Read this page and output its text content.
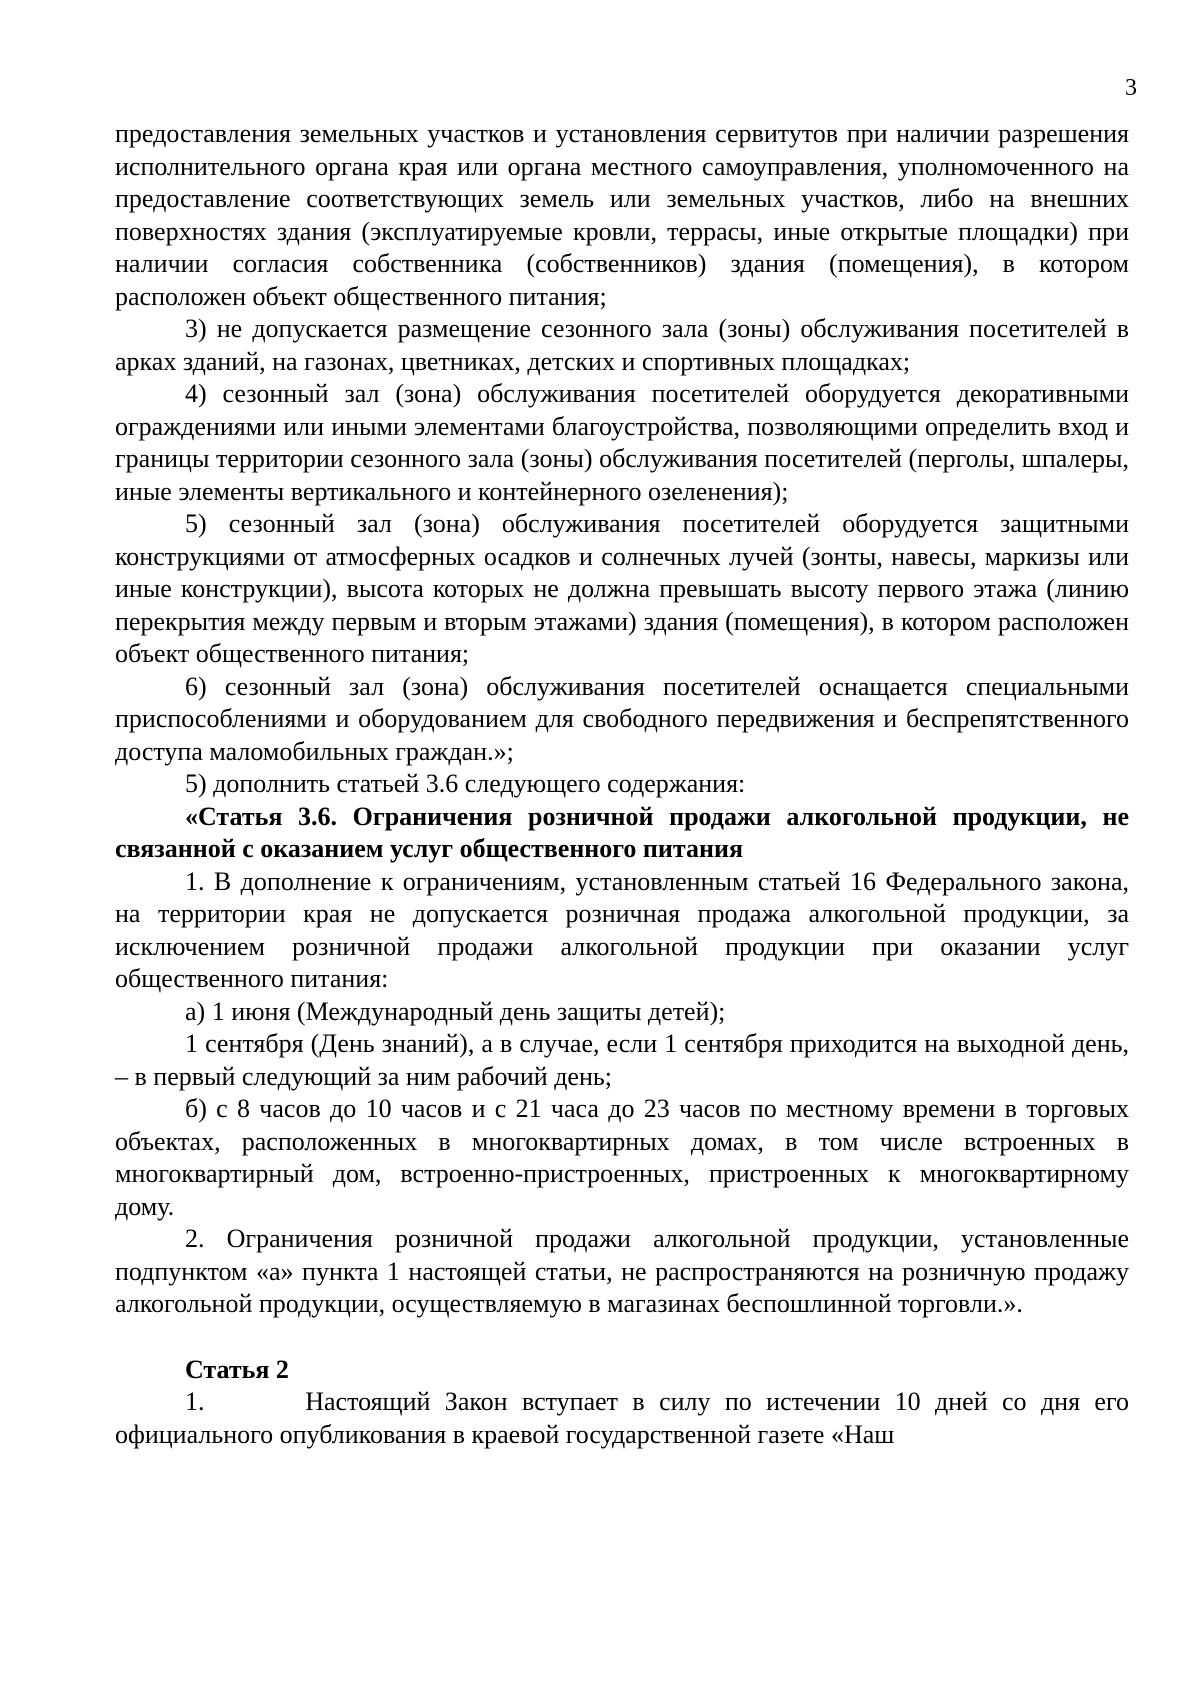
3

предоставления земельных участков и установления сервитутов при наличии разрешения исполнительного органа края или органа местного самоуправления, уполномоченного на предоставление соответствующих земель или земельных участков, либо на внешних поверхностях здания (эксплуатируемые кровли, террасы, иные открытые площадки) при наличии согласия собственника (собственников) здания (помещения), в котором расположен объект общественного питания;

3) не допускается размещение сезонного зала (зоны) обслуживания посетителей в арках зданий, на газонах, цветниках, детских и спортивных площадках;

4) сезонный зал (зона) обслуживания посетителей оборудуется декоративными ограждениями или иными элементами благоустройства, позволяющими определить вход и границы территории сезонного зала (зоны) обслуживания посетителей (перголы, шпалеры, иные элементы вертикального и контейнерного озеленения);

5) сезонный зал (зона) обслуживания посетителей оборудуется защитными конструкциями от атмосферных осадков и солнечных лучей (зонты, навесы, маркизы или иные конструкции), высота которых не должна превышать высоту первого этажа (линию перекрытия между первым и вторым этажами) здания (помещения), в котором расположен объект общественного питания;

6) сезонный зал (зона) обслуживания посетителей оснащается специальными приспособлениями и оборудованием для свободного передвижения и беспрепятственного доступа маломобильных граждан.»;

5) дополнить статьей 3.6 следующего содержания:

«Статья 3.6. Ограничения розничной продажи алкогольной продукции, не связанной с оказанием услуг общественного питания

1. В дополнение к ограничениям, установленным статьей 16 Федерального закона, на территории края не допускается розничная продажа алкогольной продукции, за исключением розничной продажи алкогольной продукции при оказании услуг общественного питания:

а) 1 июня (Международный день защиты детей);

1 сентября (День знаний), а в случае, если 1 сентября приходится на выходной день, – в первый следующий за ним рабочий день;

б) с 8 часов до 10 часов и с 21 часа до 23 часов по местному времени в торговых объектах, расположенных в многоквартирных домах, в том числе встроенных в многоквартирный дом, встроенно-пристроенных, пристроенных к многоквартирному дому.

2. Ограничения розничной продажи алкогольной продукции, установленные подпунктом «а» пункта 1 настоящей статьи, не распространяются на розничную продажу алкогольной продукции, осуществляемую в магазинах беспошлинной торговли.».

Статья 2

1.       Настоящий Закон вступает в силу по истечении 10 дней со дня его официального опубликования в краевой государственной газете «Наш
